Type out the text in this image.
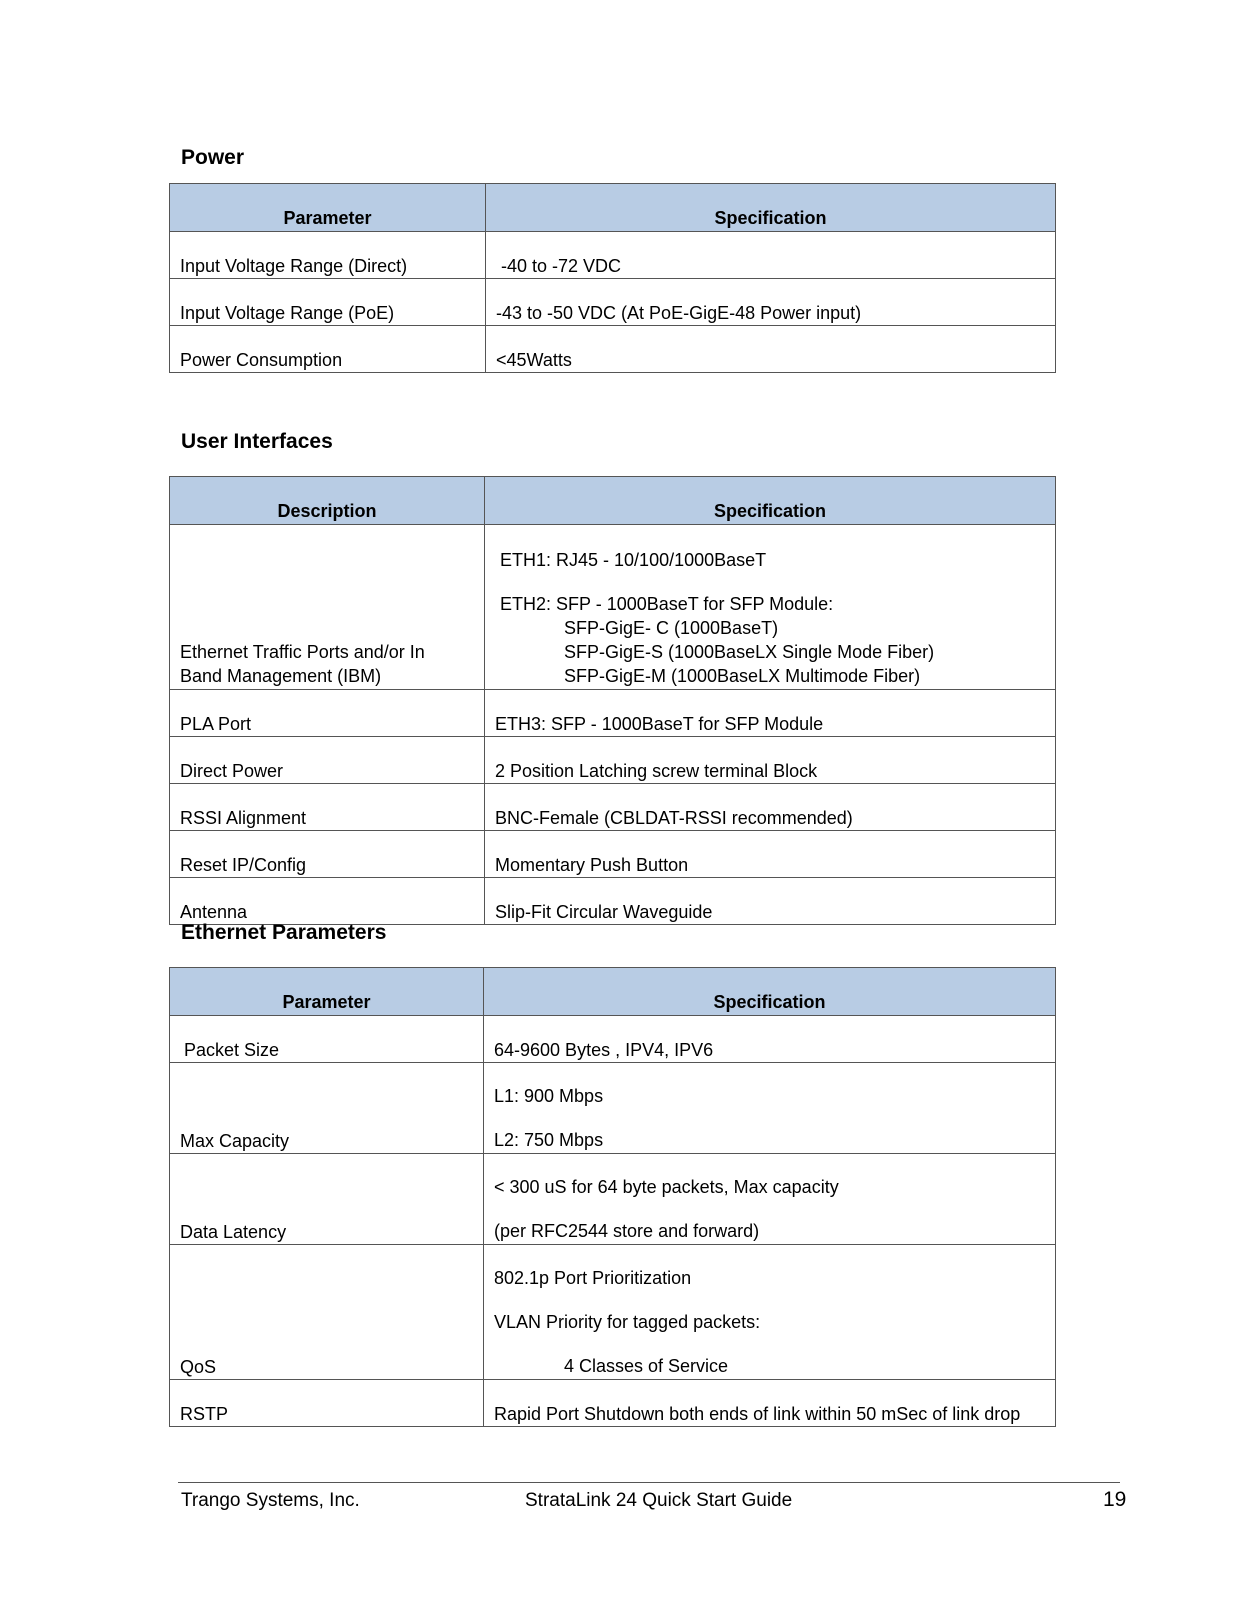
Power
Parameter	Specification
Input Voltage Range (Direct)	-40 to -72 VDC
Input Voltage Range (PoE)	-43 to -50 VDC (At PoE-GigE-48 Power input)
Power Consumption	<45Watts
User Interfaces
Description	Specification

Ethernet Traffic Ports and/or In
Band Management (IBM)	ETH1: RJ45 - 10/100/1000BaseT
ETH2: SFP - 1000BaseT for SFP Module:
SFP-GigE- C (1000BaseT)
SFP-GigE-S (1000BaseLX Single Mode Fiber)
SFP-GigE-M (1000BaseLX Multimode Fiber)

PLA Port	ETH3: SFP - 1000BaseT for SFP Module
Direct Power	2 Position Latching screw terminal Block
RSSI Alignment	BNC-Female (CBLDAT-RSSI recommended)
Reset IP/Config	Momentary Push Button
Antenna	Slip-Fit Circular Waveguide
Ethernet Parameters
Parameter	Specification
Packet Size	64-9600 Bytes , IPV4, IPV6
Max Capacity	L1: 900 Mbps
L2: 750 Mbps

Data Latency	< 300 uS for 64 byte packets, Max capacity
(per RFC2544 store and forward)

QoS	802.1p Port Prioritization
VLAN Priority for tagged packets:
4 Classes of Service

RSTP	Rapid Port Shutdown both ends of link within 50 mSec of link drop
Trango Systems, Inc.	StrataLink 24 Quick Start Guide	19
